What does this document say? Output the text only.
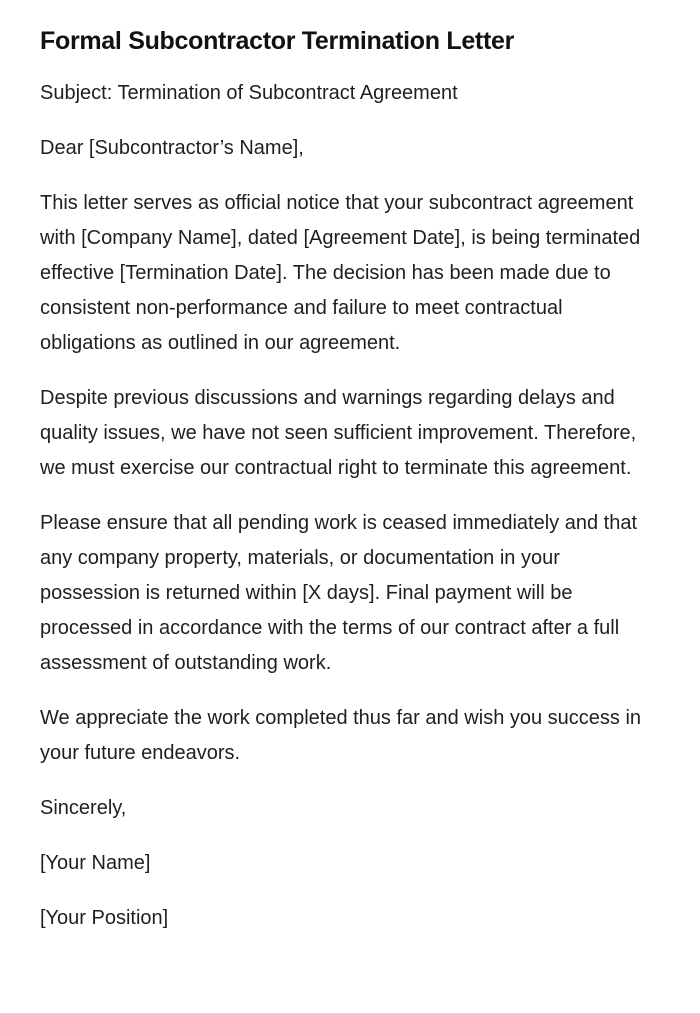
Formal Subcontractor Termination Letter

Subject: Termination of Subcontract Agreement

Dear [Subcontractor’s Name],

This letter serves as official notice that your subcontract agreement with [Company Name], dated [Agreement Date], is being terminated effective [Termination Date]. The decision has been made due to consistent non-performance and failure to meet contractual obligations as outlined in our agreement.

Despite previous discussions and warnings regarding delays and quality issues, we have not seen sufficient improvement. Therefore, we must exercise our contractual right to terminate this agreement.

Please ensure that all pending work is ceased immediately and that any company property, materials, or documentation in your possession is returned within [X days]. Final payment will be processed in accordance with the terms of our contract after a full assessment of outstanding work.

We appreciate the work completed thus far and wish you success in your future endeavors.

Sincerely,

[Your Name]

[Your Position]
